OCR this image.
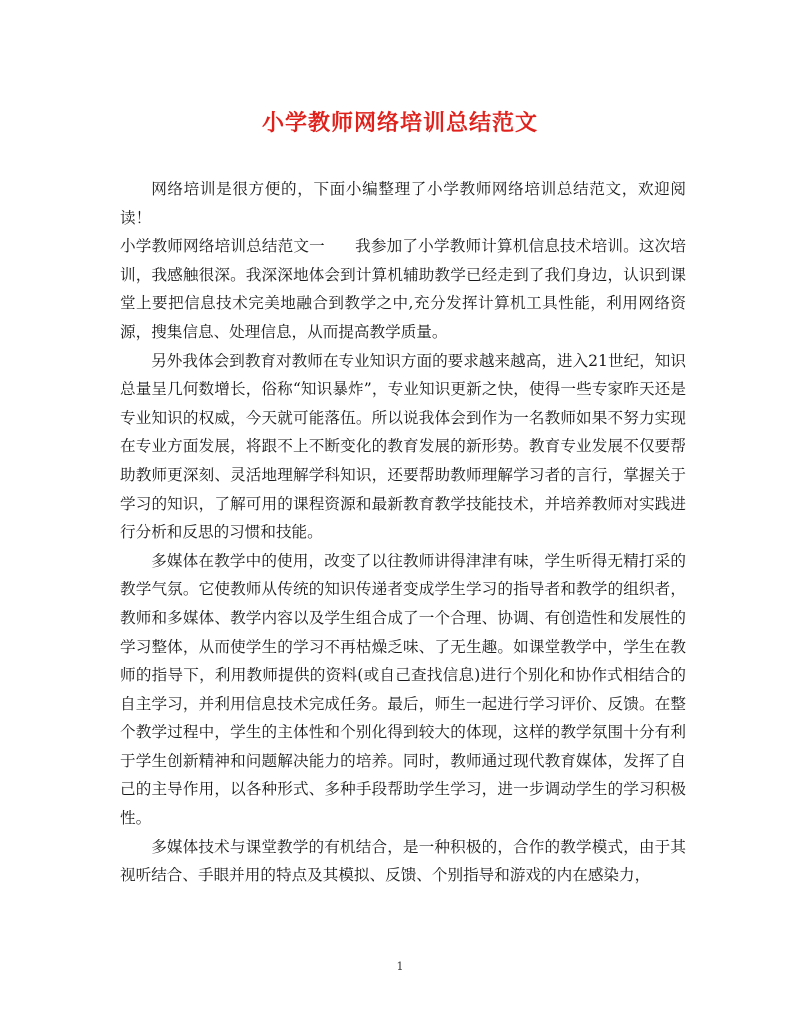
小学教师网络培训总结范文

网络培训是很方便的，下面小编整理了小学教师网络培训总结范文，欢迎阅读！

小学教师网络培训总结范文一 我参加了小学教师计算机信息技术培训。这次培训，我感触很深。我深深地体会到计算机辅助教学已经走到了我们身边，认识到课堂上要把信息技术完美地融合到教学之中,充分发挥计算机工具性能，利用网络资源，搜集信息、处理信息，从而提高教学质量。

另外我体会到教育对教师在专业知识方面的要求越来越高，进入21世纪，知识总量呈几何数增长，俗称“知识暴炸”，专业知识更新之快，使得一些专家昨天还是专业知识的权威，今天就可能落伍。所以说我体会到作为一名教师如果不努力实现在专业方面发展，将跟不上不断变化的教育发展的新形势。教育专业发展不仅要帮助教师更深刻、灵活地理解学科知识，还要帮助教师理解学习者的言行，掌握关于学习的知识，了解可用的课程资源和最新教育教学技能技术，并培养教师对实践进行分析和反思的习惯和技能。

多媒体在教学中的使用，改变了以往教师讲得津津有味，学生听得无精打采的教学气氛。它使教师从传统的知识传递者变成学生学习的指导者和教学的组织者，教师和多媒体、教学内容以及学生组合成了一个合理、协调、有创造性和发展性的学习整体，从而使学生的学习不再枯燥乏味、了无生趣。如课堂教学中，学生在教师的指导下，利用教师提供的资料(或自己查找信息)进行个别化和协作式相结合的自主学习，并利用信息技术完成任务。最后，师生一起进行学习评价、反馈。在整个教学过程中，学生的主体性和个别化得到较大的体现，这样的教学氛围十分有利于学生创新精神和问题解决能力的培养。同时，教师通过现代教育媒体，发挥了自己的主导作用，以各种形式、多种手段帮助学生学习，进一步调动学生的学习积极性。

多媒体技术与课堂教学的有机结合，是一种积极的，合作的教学模式，由于其视听结合、手眼并用的特点及其模拟、反馈、个别指导和游戏的内在感染力，

1
